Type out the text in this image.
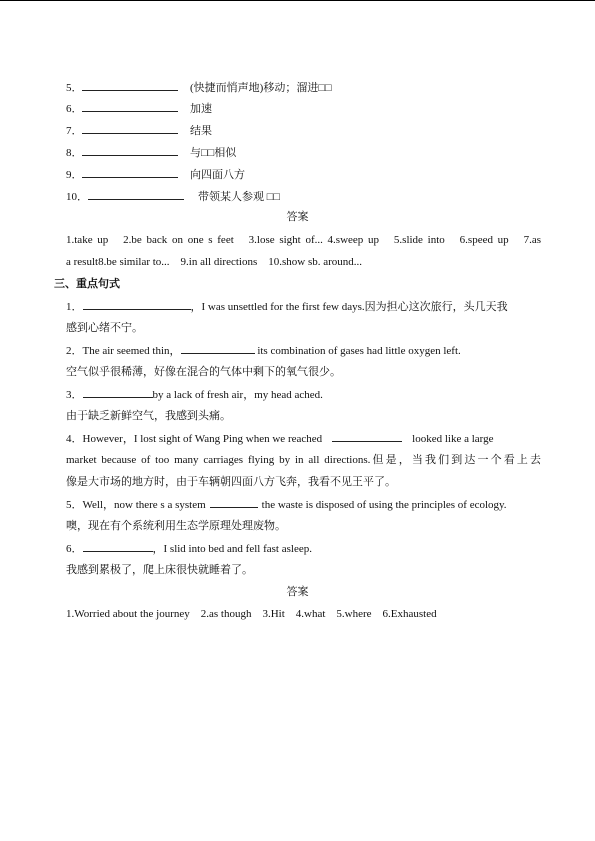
5．	(快捷而悄声地)移动；溜进□□
6．	加速
7．	结果
8．	与□□相似
9．	向四面八方
10．	带领某人参观 □□
答案
1.take up　2.be back on one s feet　3.lose sight of... 4.sweep up　5.slide into　6.speed up　7.as
a result8.be similar to...　9.in all directions　10.show sb. around...
三、重点句式
1．	，I was unsettled for the first few days.因为担心这次旅行，头几天我
感到心绪不宁。
2．The air seemed thin，	its combination of gases had little oxygen left.
空气似乎很稀薄，好像在混合的气体中剩下的氧气很少。
3．	by a lack of fresh air，my head ached.
由于缺乏新鲜空气，我感到头痛。
4．However，I lost sight of Wang Ping when we reached	looked like a large
market because of too many carriages flying by in all directions.但是，当我们到达一个看上去
像是大市场的地方时，由于车辆朝四面八方飞奔，我看不见王平了。
5．Well，now there s a system	the waste is disposed of using the principles of ecology.
噢，现在有个系统利用生态学原理处理废物。
6．	，I slid into bed and fell fast asleep.
我感到累极了，爬上床很快就睡着了。
答案
1.Worried about the journey　2.as though　3.Hit　4.what　5.where　6.Exhausted
